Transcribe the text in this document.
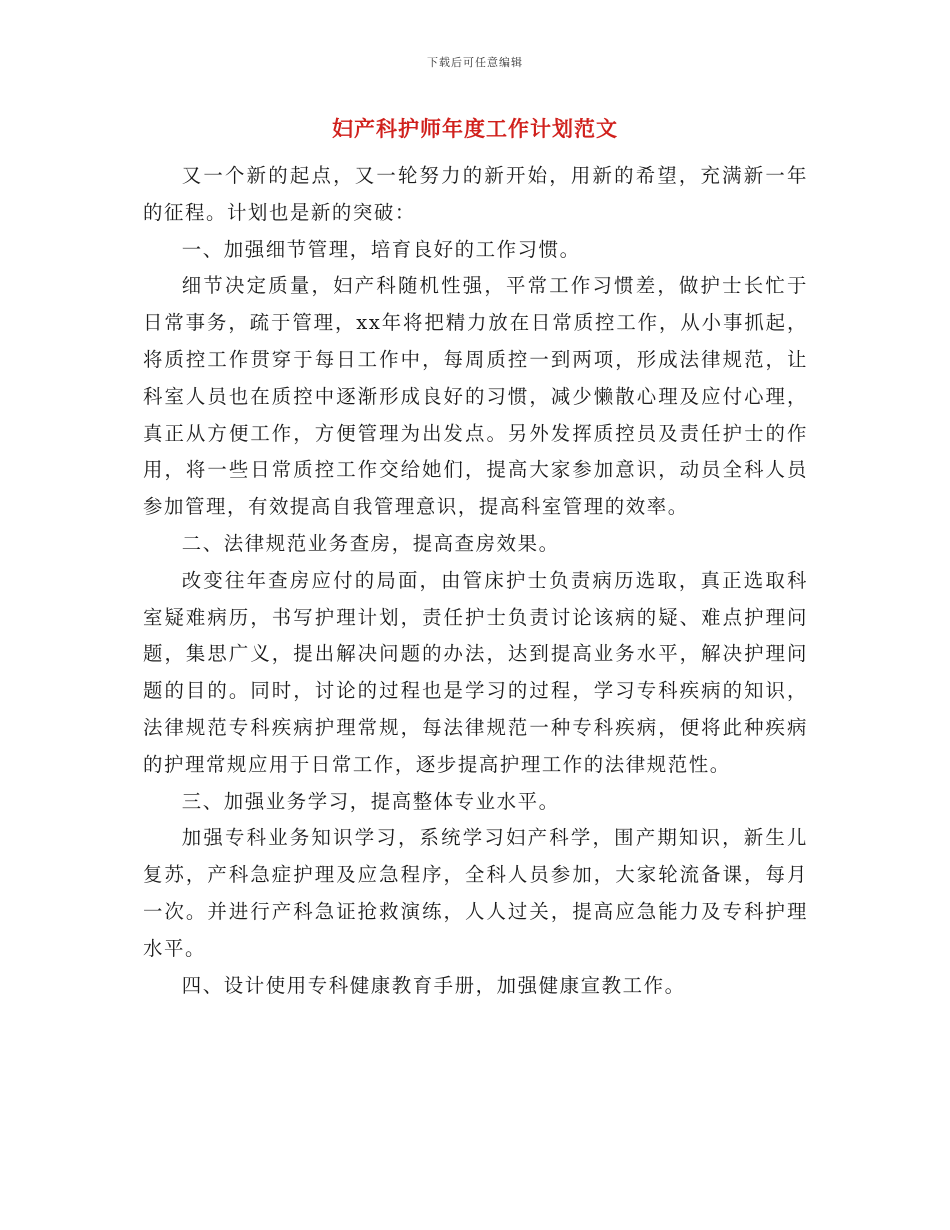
下载后可任意编辑
妇产科护师年度工作计划范文

又一个新的起点，又一轮努力的新开始，用新的希望，充满新一年的征程。计划也是新的突破：

一、加强细节管理，培育良好的工作习惯。

细节决定质量，妇产科随机性强，平常工作习惯差，做护士长忙于日常事务，疏于管理，xx年将把精力放在日常质控工作，从小事抓起，将质控工作贯穿于每日工作中，每周质控一到两项，形成法律规范，让科室人员也在质控中逐渐形成良好的习惯，减少懒散心理及应付心理，真正从方便工作，方便管理为出发点。另外发挥质控员及责任护士的作用，将一些日常质控工作交给她们，提高大家参加意识，动员全科人员参加管理，有效提高自我管理意识，提高科室管理的效率。

二、法律规范业务查房，提高查房效果。

改变往年查房应付的局面，由管床护士负责病历选取，真正选取科室疑难病历，书写护理计划，责任护士负责讨论该病的疑、难点护理问题，集思广义，提出解决问题的办法，达到提高业务水平，解决护理问题的目的。同时，讨论的过程也是学习的过程，学习专科疾病的知识，法律规范专科疾病护理常规，每法律规范一种专科疾病，便将此种疾病的护理常规应用于日常工作，逐步提高护理工作的法律规范性。

三、加强业务学习，提高整体专业水平。

加强专科业务知识学习，系统学习妇产科学，围产期知识，新生儿复苏，产科急症护理及应急程序，全科人员参加，大家轮流备课，每月一次。并进行产科急证抢救演练，人人过关，提高应急能力及专科护理水平。

四、设计使用专科健康教育手册，加强健康宣教工作。
